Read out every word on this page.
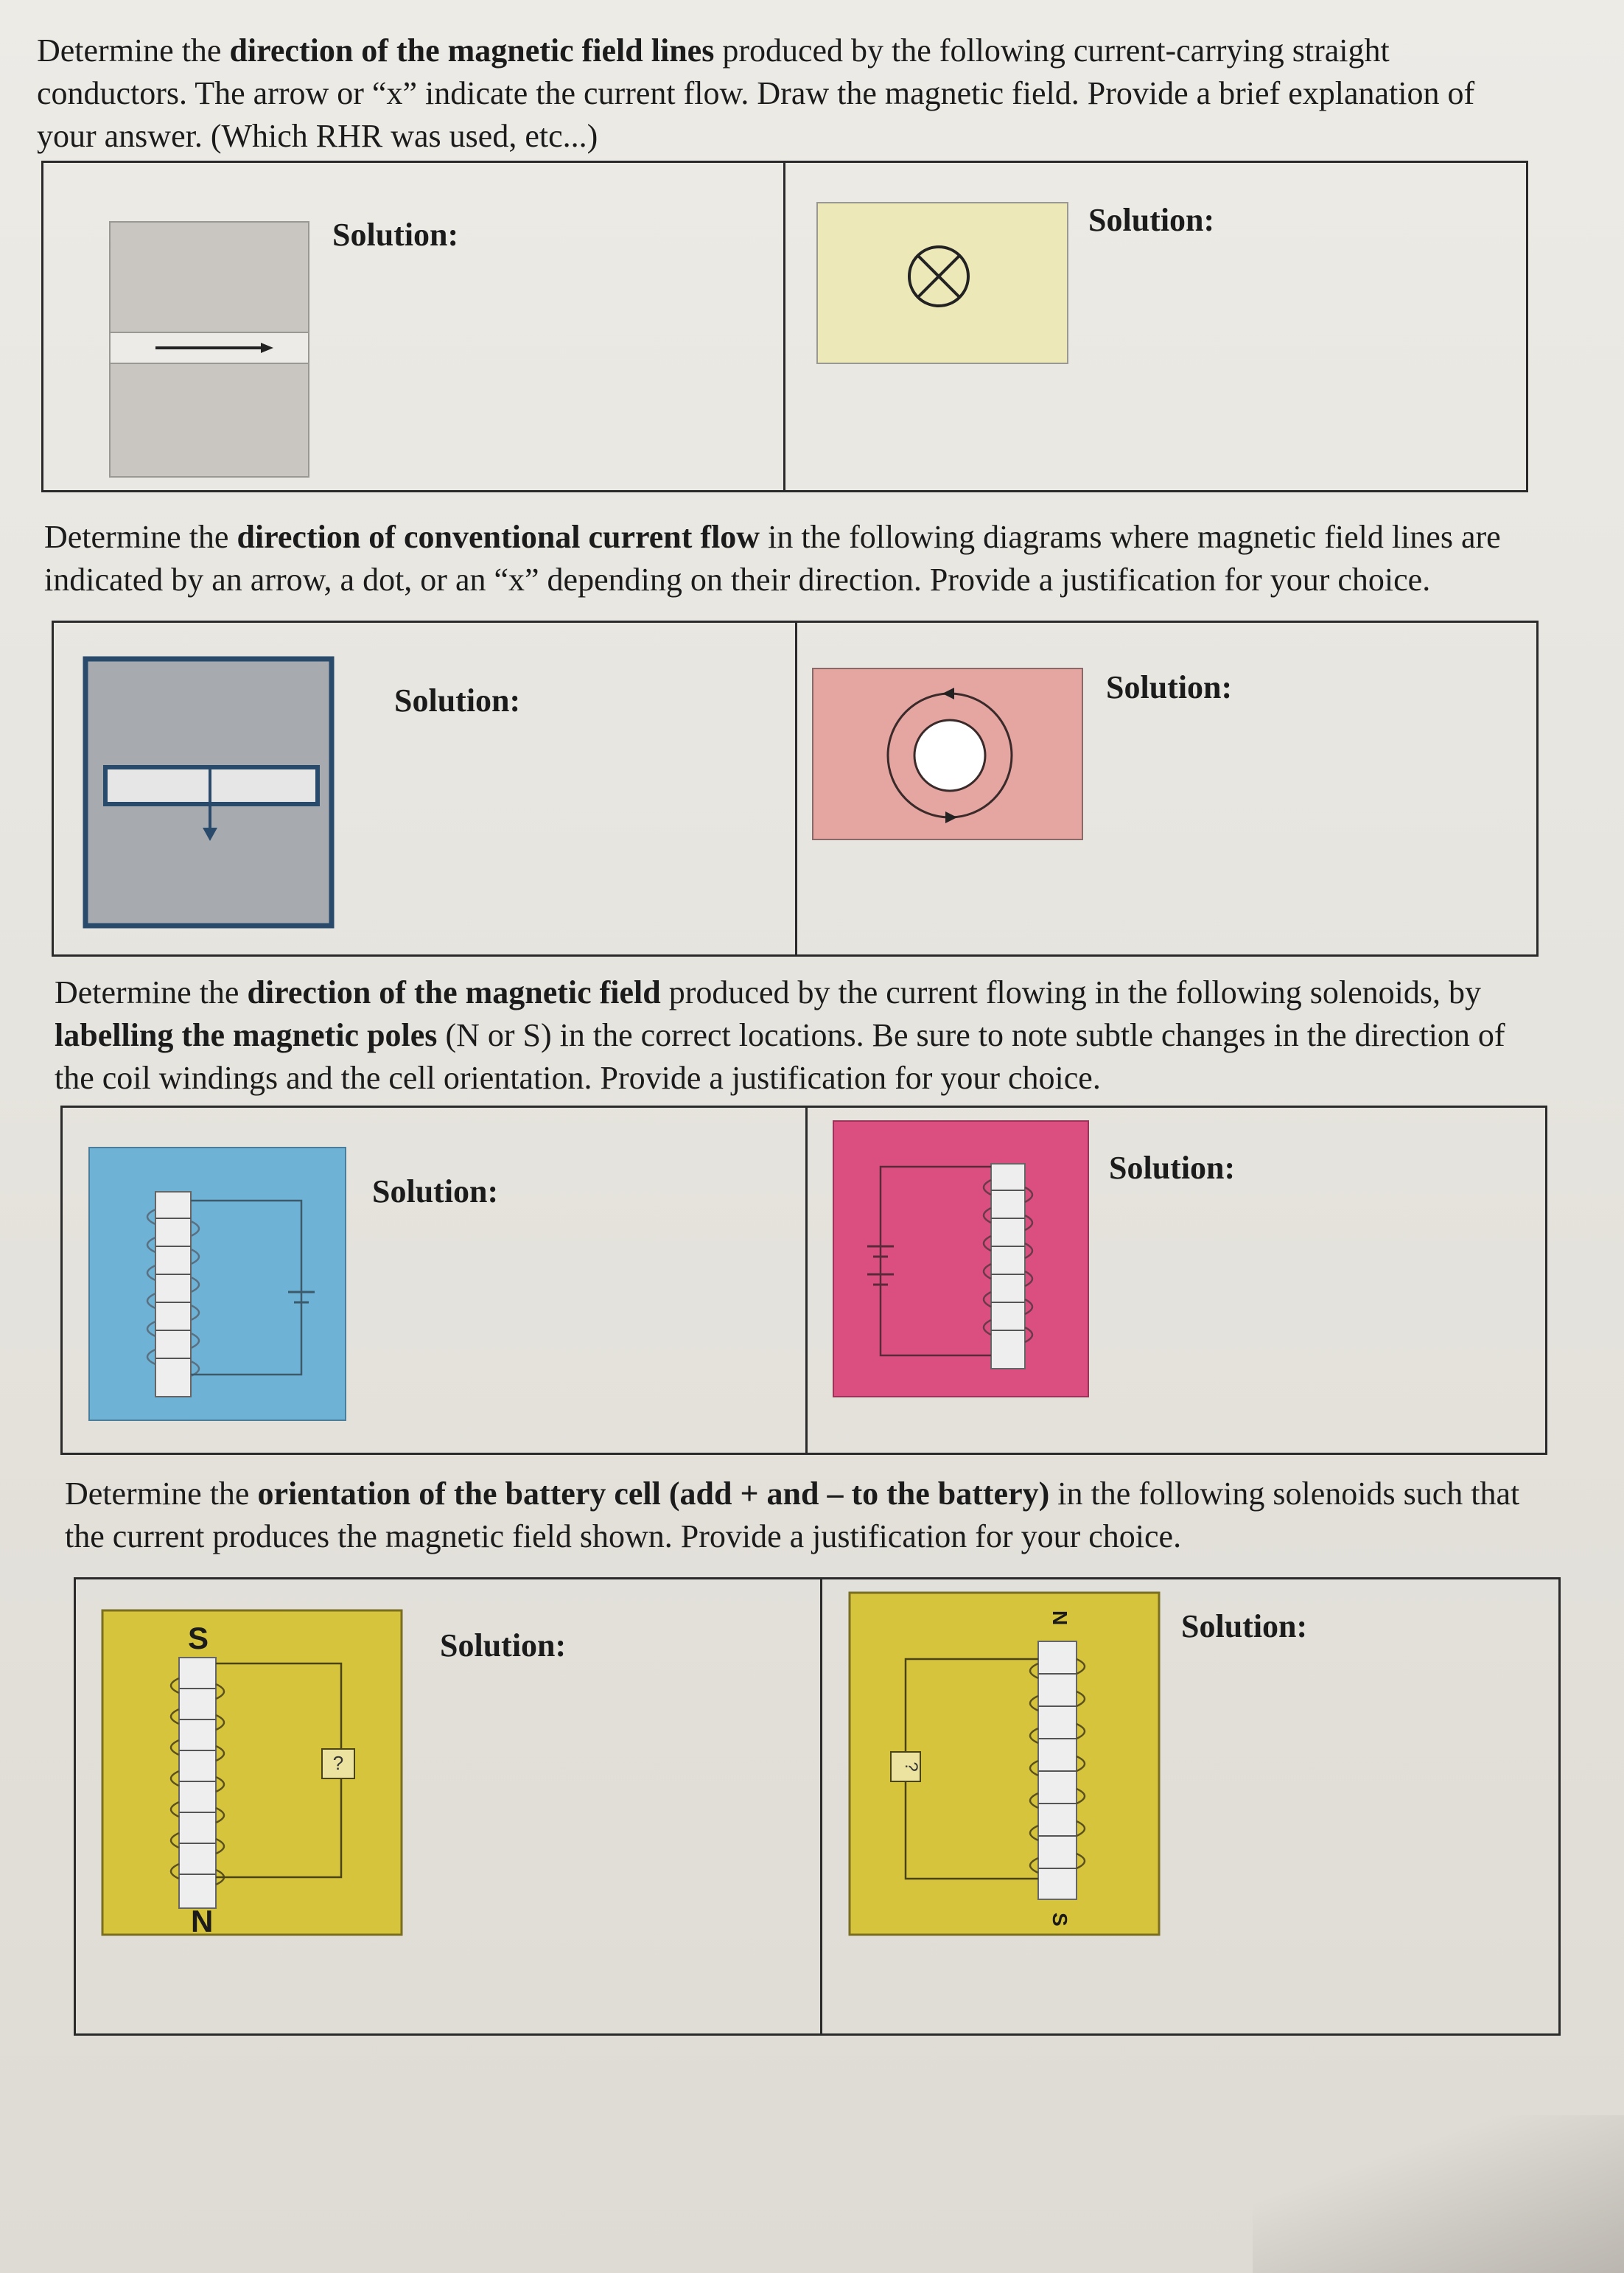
Determine the direction of the magnetic field lines produced by the following current-carrying straight conductors. The arrow or “x” indicate the current flow. Draw the magnetic field. Provide a brief explanation of your answer. (Which RHR was used, etc...)
Solution:	Solution:
Determine the direction of conventional current flow in the following diagrams where magnetic field lines are indicated by an arrow, a dot, or an “x” depending on their direction. Provide a justification for your choice.
Solution:	Solution:
Determine the direction of the magnetic field produced by the current flowing in the following solenoids, by labelling the magnetic poles (N or S) in the correct locations. Be sure to note subtle changes in the direction of the coil windings and the cell orientation. Provide a justification for your choice.
Solution:
Solution:
Determine the orientation of the battery cell (add + and – to the battery) in the following solenoids such that the current produces the magnetic field shown. Provide a justification for your choice.
?
S
N
Solution:
?
N
S
Solution:
